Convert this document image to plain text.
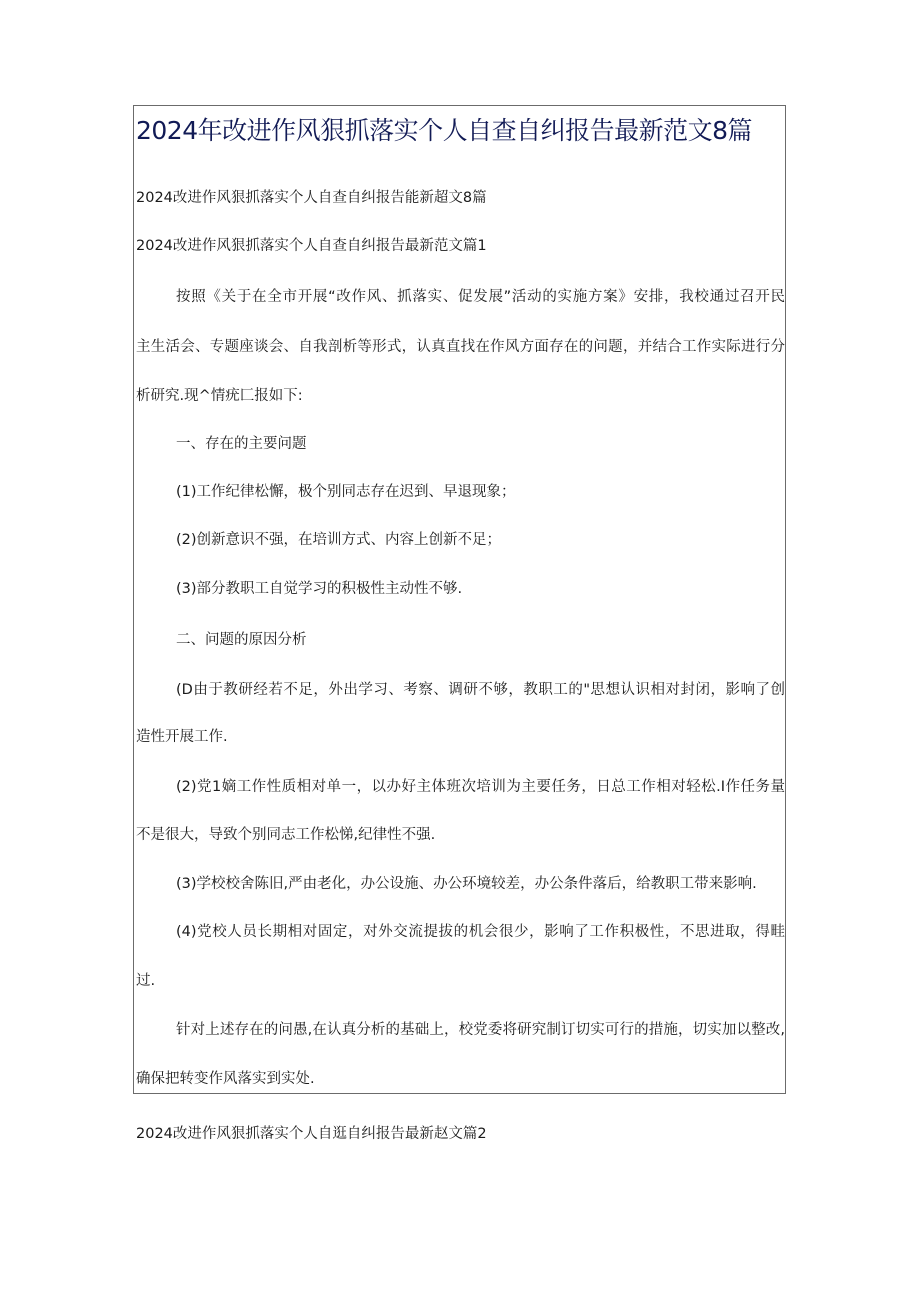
2024年改进作风狠抓落实个人自查自纠报告最新范文8篇
2024改进作风狠抓落实个人自查自纠报告能新超文8篇
2024改进作风狠抓落实个人自查自纠报告最新范文篇1
按照《关于在全市开展“改作风、抓落实、促发展”活动的实施方案》安排，我校通过召开民
主生活会、专题座谈会、自我剖析等形式，认真直找在作风方面存在的问题，并结合工作实际进行分
析研究.现^情疣匚报如下:
一、存在的主要问题
(1)工作纪律松懈，极个别同志存在迟到、早退现象；
(2)创新意识不强，在培训方式、内容上创新不足；
(3)部分教职工自觉学习的积极性主动性不够.
二、问题的原因分析
(D由于教研经若不足，外出学习、考察、调研不够，教职工的"思想认识相对封闭，影响了创
造性开展工作.
(2)党1嫡工作性质相对单一，以办好主体班次培训为主要任务，日总工作相对轻松.I作任务量
不是很大，导致个别同志工作松悌,纪律性不强.
(3)学校校舍陈旧,严由老化，办公设施、办公环境较差，办公条件落后，给教职工带来影响.
(4)党校人员长期相对固定，对外交流提拔的机会很少，影响了工作积极性，不思进取，得畦
过.
针对上述存在的问愚,在认真分析的基础上，校党委将研究制订切实可行的措施，切实加以整改,
确保把转变作风落实到实处.
2024改进作风狠抓落实个人自逛自纠报告最新赵文篇2
